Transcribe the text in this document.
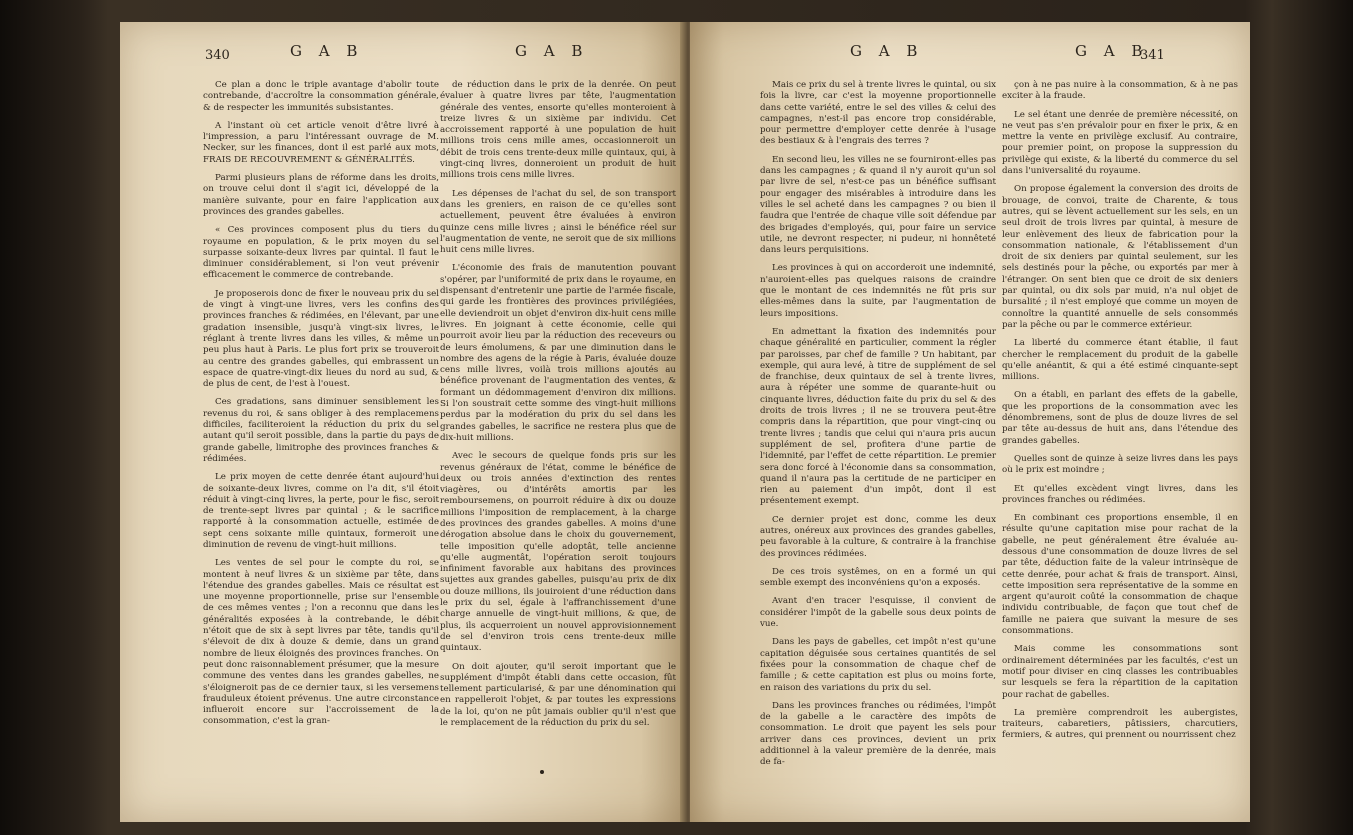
340	G A B	G A B	G A B	G A B
341

Ce plan a donc le triple avantage d'abolir toute contrebande, d'accroître la consommation générale, & de respecter les immunités subsistantes.

A l'instant où cet article venoit d'être livré à l'impression, a paru l'intéressant ouvrage de M. Necker, sur les finances, dont il est parlé aux mots, FRAIS DE RECOUVREMENT & GÉNÉRALITÉS.

Parmi plusieurs plans de réforme dans les droits, on trouve celui dont il s'agit ici, développé de la manière suivante, pour en faire l'application aux provinces des grandes gabelles.

« Ces provinces composent plus du tiers du royaume en population, & le prix moyen du sel surpasse soixante-deux livres par quintal. Il faut le diminuer considérablement, si l'on veut prévenir efficacement le commerce de contrebande.

Je proposerois donc de fixer le nouveau prix du sel de vingt à vingt-une livres, vers les confins des provinces franches & rédimées, en l'élevant, par une gradation insensible, jusqu'à vingt-six livres, le réglant à trente livres dans les villes, & même un peu plus haut à Paris. Le plus fort prix se trouveroit au centre des grandes gabelles, qui embrassent un espace de quatre-vingt-dix lieues du nord au sud, & de plus de cent, de l'est à l'ouest.

Ces gradations, sans diminuer sensiblement les revenus du roi, & sans obliger à des remplacemens difficiles, faciliteroient la réduction du prix du sel autant qu'il seroit possible, dans la partie du pays de grande gabelle, limitrophe des provinces franches & rédimées.

Le prix moyen de cette denrée étant aujourd'hui de soixante-deux livres, comme on l'a dit, s'il étoit réduit à vingt-cinq livres, la perte, pour le fisc, seroit de trente-sept livres par quintal ; & le sacrifice rapporté à la consommation actuelle, estimée de sept cens soixante mille quintaux, formeroit une diminution de revenu de vingt-huit millions.

Les ventes de sel pour le compte du roi, se montent à neuf livres & un sixième par tête, dans l'étendue des grandes gabelles. Mais ce résultat est une moyenne proportionnelle, prise sur l'ensemble de ces mêmes ventes ; l'on a reconnu que dans les généralités exposées à la contrebande, le débit n'étoit que de six à sept livres par tête, tandis qu'il s'élevoit de dix à douze & demie, dans un grand nombre de lieux éloignés des provinces franches. On peut donc raisonnablement présumer, que la mesure commune des ventes dans les grandes gabelles, ne s'éloigneroit pas de ce dernier taux, si les versemens frauduleux étoient prévenus. Une autre circonstance influeroit encore sur l'accroissement de la consommation, c'est la gran-

de réduction dans le prix de la denrée. On peut évaluer à quatre livres par tête, l'augmentation générale des ventes, ensorte qu'elles monteroient à treize livres & un sixième par individu. Cet accroissement rapporté à une population de huit millions trois cens mille ames, occasionneroit un débit de trois cens trente-deux mille quintaux, qui, à vingt-cinq livres, donneroient un produit de huit millions trois cens mille livres.

Les dépenses de l'achat du sel, de son transport dans les greniers, en raison de ce qu'elles sont actuellement, peuvent être évaluées à environ quinze cens mille livres ; ainsi le bénéfice réel sur l'augmentation de vente, ne seroit que de six millions huit cens mille livres.

L'économie des frais de manutention pouvant s'opérer, par l'uniformité de prix dans le royaume, en dispensant d'entretenir une partie de l'armée fiscale, qui garde les frontières des provinces privilégiées, elle deviendroit un objet d'environ dix-huit cens mille livres. En joignant à cette économie, celle qui pourroit avoir lieu par la réduction des receveurs ou de leurs émolumens, & par une diminution dans le nombre des agens de la régie à Paris, évaluée douze cens mille livres, voilà trois millions ajoutés au bénéfice provenant de l'augmentation des ventes, & formant un dédommagement d'environ dix millions. Si l'on soustrait cette somme des vingt-huit millions perdus par la modération du prix du sel dans les grandes gabelles, le sacrifice ne restera plus que de dix-huit millions.

Avec le secours de quelque fonds pris sur les revenus généraux de l'état, comme le bénéfice de deux ou trois années d'extinction des rentes viagères, ou d'intérêts amortis par les remboursemens, on pourroit réduire à dix ou douze millions l'imposition de remplacement, à la charge des provinces des grandes gabelles. A moins d'une dérogation absolue dans le choix du gouvernement, telle imposition qu'elle adoptât, telle ancienne qu'elle augmentât, l'opération seroit toujours infiniment favorable aux habitans des provinces sujettes aux grandes gabelles, puisqu'au prix de dix ou douze millions, ils jouiroient d'une réduction dans le prix du sel, égale à l'affranchissement d'une charge annuelle de vingt-huit millions, & que, de plus, ils acquerroient un nouvel approvisionnement de sel d'environ trois cens trente-deux mille quintaux.

On doit ajouter, qu'il seroit important que le supplément d'impôt établi dans cette occasion, fût tellement particularisé, & par une dénomination qui en rappelleroit l'objet, & par toutes les expressions de la loi, qu'on ne pût jamais oublier qu'il n'est que le remplacement de la réduction du prix du sel.

Mais ce prix du sel à trente livres le quintal, ou six fois la livre, car c'est la moyenne proportionnelle dans cette variété, entre le sel des villes & celui des campagnes, n'est-il pas encore trop considérable, pour permettre d'employer cette denrée à l'usage des bestiaux & à l'engrais des terres ?

En second lieu, les villes ne se fourniront-elles pas dans les campagnes ; & quand il n'y auroit qu'un sol par livre de sel, n'est-ce pas un bénéfice suffisant pour engager des misérables à introduire dans les villes le sel acheté dans les campagnes ? ou bien il faudra que l'entrée de chaque ville soit défendue par des brigades d'employés, qui, pour faire un service utile, ne devront respecter, ni pudeur, ni honnêteté dans leurs perquisitions.

Les provinces à qui on accorderoit une indemnité, n'auroient-elles pas quelques raisons de craindre que le montant de ces indemnités ne fût pris sur elles-mêmes dans la suite, par l'augmentation de leurs impositions.

En admettant la fixation des indemnités pour chaque généralité en particulier, comment la régler par paroisses, par chef de famille ? Un habitant, par exemple, qui aura levé, à titre de supplément de sel de franchise, deux quintaux de sel à trente livres, aura à répéter une somme de quarante-huit ou cinquante livres, déduction faite du prix du sel & des droits de trois livres ; il ne se trouvera peut-être compris dans la répartition, que pour vingt-cinq ou trente livres ; tandis que celui qui n'aura pris aucun supplément de sel, profitera d'une partie de l'idemnité, par l'effet de cette répartition. Le premier sera donc forcé à l'économie dans sa consommation, quand il n'aura pas la certitude de ne participer en rien au paiement d'un impôt, dont il est présentement exempt.

Ce dernier projet est donc, comme les deux autres, onéreux aux provinces des grandes gabelles, peu favorable à la culture, & contraire à la franchise des provinces rédimées.

De ces trois systêmes, on en a formé un qui semble exempt des inconvéniens qu'on a exposés.

Avant d'en tracer l'esquisse, il convient de considérer l'impôt de la gabelle sous deux points de vue.

Dans les pays de gabelles, cet impôt n'est qu'une capitation déguisée sous certaines quantités de sel fixées pour la consommation de chaque chef de famille ; & cette capitation est plus ou moins forte, en raison des variations du prix du sel.

Dans les provinces franches ou rédimées, l'impôt de la gabelle a le caractère des impôts de consommation. Le droit que payent les sels pour arriver dans ces provinces, devient un prix additionnel à la valeur première de la denrée, mais de fa-

çon à ne pas nuire à la consommation, & à ne pas exciter à la fraude.

Le sel étant une denrée de première nécessité, on ne veut pas s'en prévaloir pour en fixer le prix, & en mettre la vente en privilège exclusif. Au contraire, pour premier point, on propose la suppression du privilège qui existe, & la liberté du commerce du sel dans l'universalité du royaume.

On propose également la conversion des droits de brouage, de convoi, traite de Charente, & tous autres, qui se lèvent actuellement sur les sels, en un seul droit de trois livres par quintal, à mesure de leur enlèvement des lieux de fabrication pour la consommation nationale, & l'établissement d'un droit de six deniers par quintal seulement, sur les sels destinés pour la pêche, ou exportés par mer à l'étranger. On sent bien que ce droit de six deniers par quintal, ou dix sols par muid, n'a nul objet de bursalité ; il n'est employé que comme un moyen de connoître la quantité annuelle de sels consommés par la pêche ou par le commerce extérieur.

La liberté du commerce étant établie, il faut chercher le remplacement du produit de la gabelle qu'elle anéantit, & qui a été estimé cinquante-sept millions.

On a établi, en parlant des effets de la gabelle, que les proportions de la consommation avec les dénombremens, sont de plus de douze livres de sel par tête au-dessus de huit ans, dans l'étendue des grandes gabelles.

Quelles sont de quinze à seize livres dans les pays où le prix est moindre ;

Et qu'elles excèdent vingt livres, dans les provinces franches ou rédimées.

En combinant ces proportions ensemble, il en résulte qu'une capitation mise pour rachat de la gabelle, ne peut généralement être évaluée au-dessous d'une consommation de douze livres de sel par tête, déduction faite de la valeur intrinsèque de cette denrée, pour achat & frais de transport. Ainsi, cette imposition sera représentative de la somme en argent qu'auroit coûté la consommation de chaque individu contribuable, de façon que tout chef de famille ne paiera que suivant la mesure de ses consommations.

Mais comme les consommations sont ordinairement déterminées par les facultés, c'est un motif pour diviser en cinq classes les contribuables sur lesquels se fera la répartition de la capitation pour rachat de gabelles.

La première comprendroit les aubergistes, traiteurs, cabaretiers, pâtissiers, charcutiers, fermiers, & autres, qui prennent ou nourrissent chez
